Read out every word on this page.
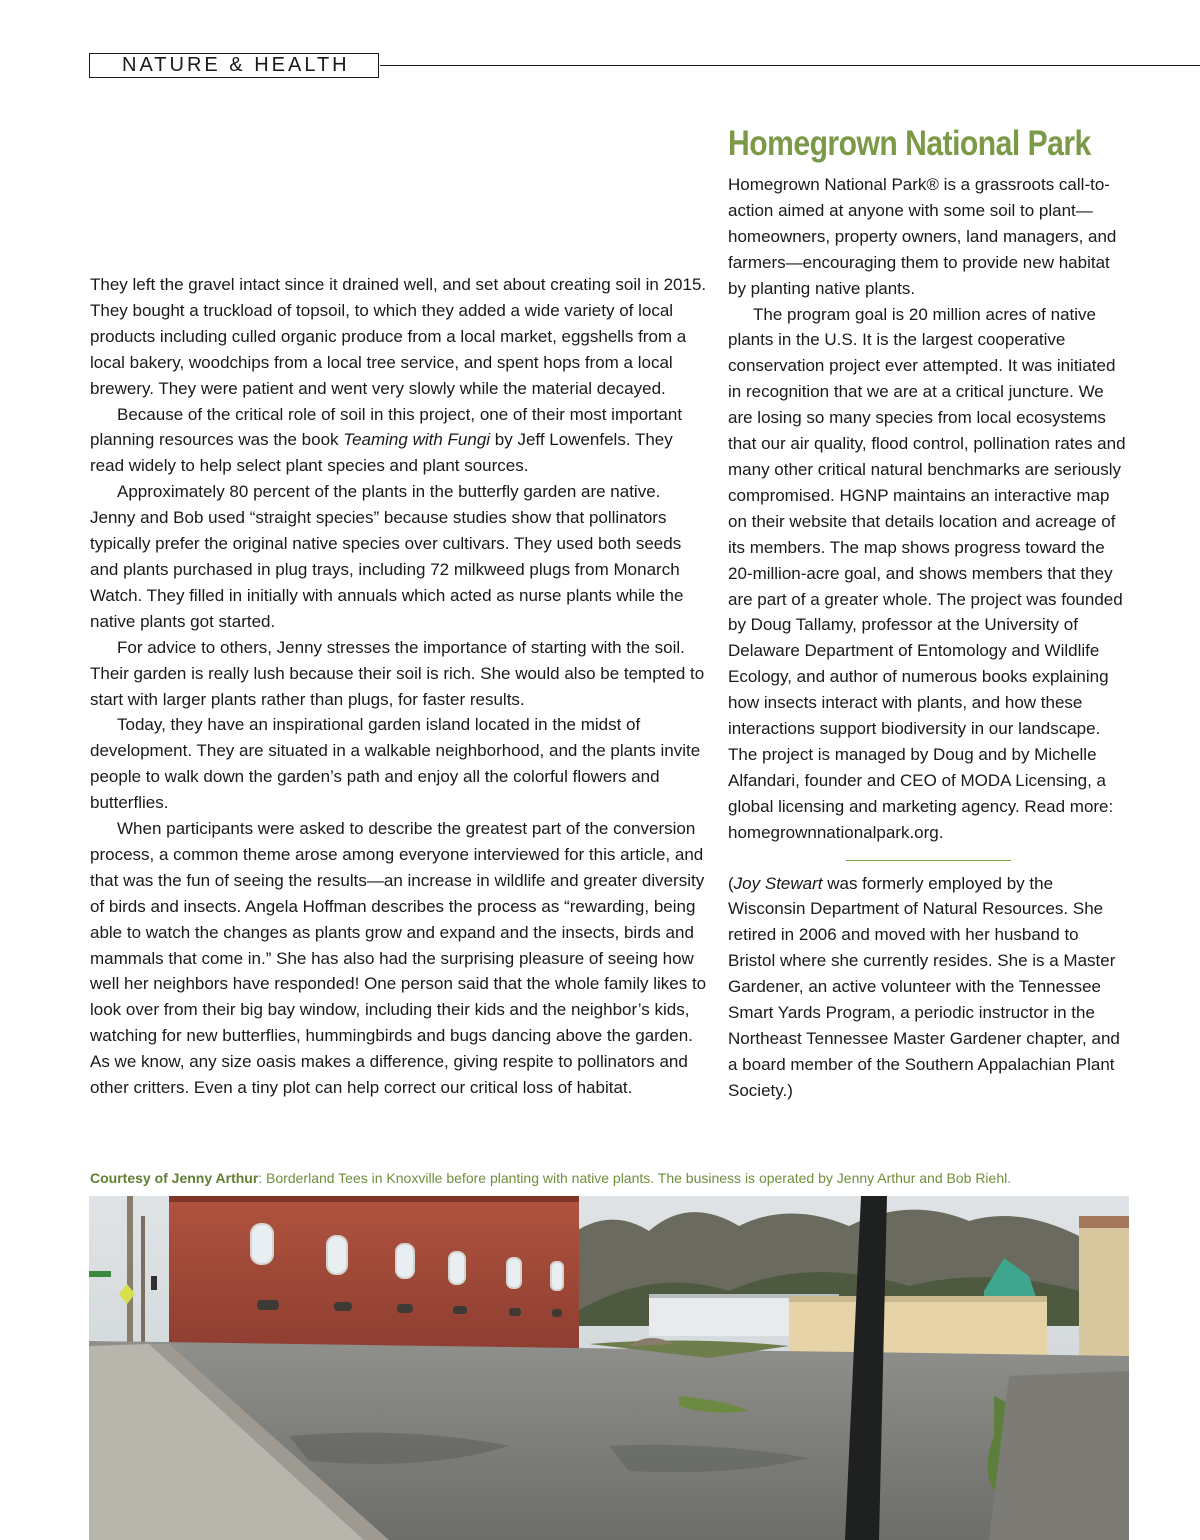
NATURE & HEALTH

They left the gravel intact since it drained well, and set about creating soil in 2015. They bought a truckload of topsoil, to which they added a wide variety of local products including culled organic produce from a local market, eggshells from a local bakery, woodchips from a local tree service, and spent hops from a local brewery. They were patient and went very slowly while the material decayed.

Because of the critical role of soil in this project, one of their most important planning resources was the book Teaming with Fungi by Jeff Lowenfels. They read widely to help select plant species and plant sources.

Approximately 80 percent of the plants in the butterfly garden are native. Jenny and Bob used “straight species” because studies show that pollinators typically prefer the original native species over cultivars. They used both seeds and plants purchased in plug trays, including 72 milkweed plugs from Monarch Watch. They filled in initially with annuals which acted as nurse plants while the native plants got started.

For advice to others, Jenny stresses the importance of starting with the soil. Their garden is really lush because their soil is rich. She would also be tempted to start with larger plants rather than plugs, for faster results.

Today, they have an inspirational garden island located in the midst of development. They are situated in a walkable neighborhood, and the plants invite people to walk down the garden’s path and enjoy all the colorful flowers and butterflies.

When participants were asked to describe the greatest part of the conversion process, a common theme arose among everyone interviewed for this article, and that was the fun of seeing the results—an increase in wildlife and greater diversity of birds and insects. Angela Hoffman describes the process as “rewarding, being able to watch the changes as plants grow and expand and the insects, birds and mammals that come in.” She has also had the surprising pleasure of seeing how well her neighbors have responded! One person said that the whole family likes to look over from their big bay window, including their kids and the neighbor’s kids, watching for new butterflies, hummingbirds and bugs dancing above the garden. As we know, any size oasis makes a difference, giving respite to pollinators and other critters. Even a tiny plot can help correct our critical loss of habitat.

Homegrown National Park

Homegrown National Park® is a grassroots call-to-action aimed at anyone with some soil to plant—homeowners, property owners, land managers, and farmers—encouraging them to provide new habitat by planting native plants.

The program goal is 20 million acres of native plants in the U.S. It is the largest cooperative conservation project ever attempted. It was initiated in recognition that we are at a critical juncture. We are losing so many species from local ecosystems that our air quality, flood control, pollination rates and many other critical natural benchmarks are seriously compromised. HGNP maintains an interactive map on their website that details location and acreage of its members. The map shows progress toward the 20-million-acre goal, and shows members that they are part of a greater whole. The project was founded by Doug Tallamy, professor at the University of Delaware Department of Entomology and Wildlife Ecology, and author of numerous books explaining how insects interact with plants, and how these interactions support biodiversity in our landscape. The project is managed by Doug and by Michelle Alfandari, founder and CEO of MODA Licensing, a global licensing and marketing agency. Read more: homegrownnationalpark.org.

(Joy Stewart was formerly employed by the Wisconsin Department of Natural Resources. She retired in 2006 and moved with her husband to Bristol where she currently resides. She is a Master Gardener, an active volunteer with the Tennessee Smart Yards Program, a periodic instructor in the Northeast Tennessee Master Gardener chapter, and a board member of the Southern Appalachian Plant Society.)

Courtesy of Jenny Arthur: Borderland Tees in Knoxville before planting with native plants. The business is operated by Jenny Arthur and Bob Riehl.
